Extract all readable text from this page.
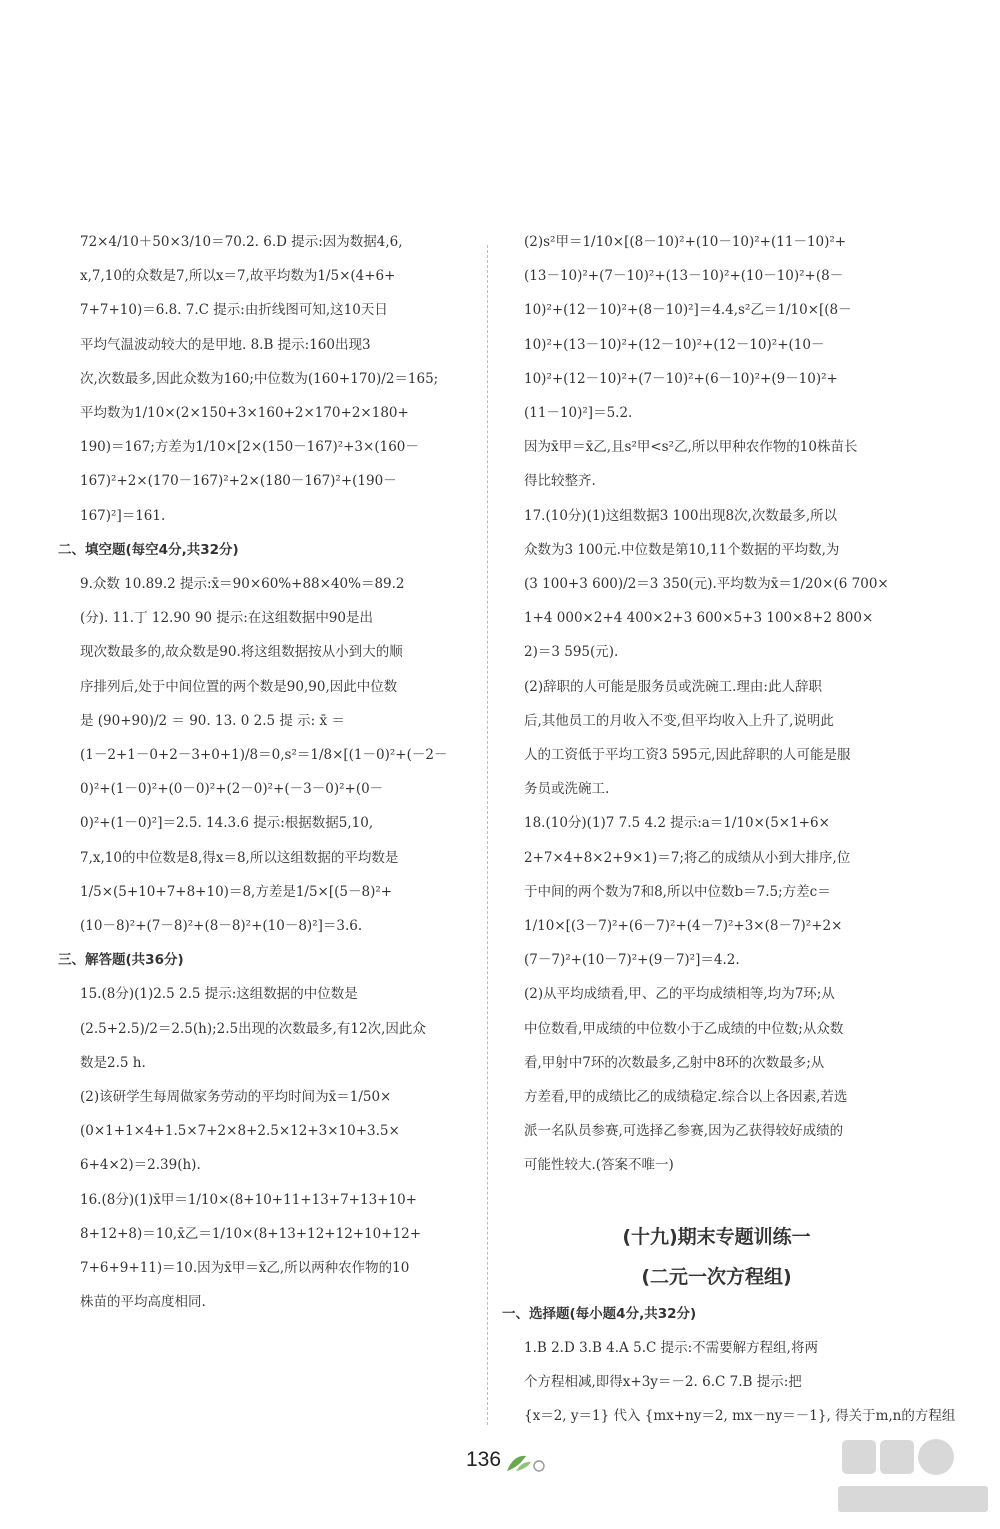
72×4/10＋50×3/10＝70.2. 6.D 提示:因为数据4,6,
x,7,10的众数是7,所以x＝7,故平均数为1/5×(4+6+
7+7+10)＝6.8. 7.C 提示:由折线图可知,这10天日
平均气温波动较大的是甲地. 8.B 提示:160出现3
次,次数最多,因此众数为160;中位数为(160+170)/2＝165;
平均数为1/10×(2×150+3×160+2×170+2×180+
190)＝167;方差为1/10×[2×(150－167)²+3×(160－
167)²+2×(170－167)²+2×(180－167)²+(190－
167)²]＝161.
二、填空题(每空4分,共32分)
9.众数 10.89.2 提示:x̄＝90×60%+88×40%＝89.2
(分). 11.丁 12.90 90 提示:在这组数据中90是出
现次数最多的,故众数是90.将这组数据按从小到大的顺
序排列后,处于中间位置的两个数是90,90,因此中位数
是 (90+90)/2 ＝ 90. 13. 0 2.5 提 示: x̄ ＝
(1－2+1－0+2－3+0+1)/8＝0,s²＝1/8×[(1－0)²+(－2－
0)²+(1－0)²+(0－0)²+(2－0)²+(－3－0)²+(0－
0)²+(1－0)²]＝2.5. 14.3.6 提示:根据数据5,10,
7,x,10的中位数是8,得x＝8,所以这组数据的平均数是
1/5×(5+10+7+8+10)＝8,方差是1/5×[(5－8)²+
(10－8)²+(7－8)²+(8－8)²+(10－8)²]＝3.6.
三、解答题(共36分)
15.(8分)(1)2.5 2.5 提示:这组数据的中位数是
(2.5+2.5)/2＝2.5(h);2.5出现的次数最多,有12次,因此众
数是2.5 h.
(2)该研学生每周做家务劳动的平均时间为x̄＝1/50×
(0×1+1×4+1.5×7+2×8+2.5×12+3×10+3.5×
6+4×2)＝2.39(h).
16.(8分)(1)x̄甲＝1/10×(8+10+11+13+7+13+10+
8+12+8)＝10,x̄乙＝1/10×(8+13+12+12+10+12+
7+6+9+11)＝10.因为x̄甲＝x̄乙,所以两种农作物的10
株苗的平均高度相同.
(2)s²甲＝1/10×[(8－10)²+(10－10)²+(11－10)²+
(13－10)²+(7－10)²+(13－10)²+(10－10)²+(8－
10)²+(12－10)²+(8－10)²]＝4.4,s²乙＝1/10×[(8－
10)²+(13－10)²+(12－10)²+(12－10)²+(10－
10)²+(12－10)²+(7－10)²+(6－10)²+(9－10)²+
(11－10)²]＝5.2.
因为x̄甲＝x̄乙,且s²甲<s²乙,所以甲种农作物的10株苗长
得比较整齐.
17.(10分)(1)这组数据3 100出现8次,次数最多,所以
众数为3 100元.中位数是第10,11个数据的平均数,为
(3 100+3 600)/2＝3 350(元).平均数为x̄＝1/20×(6 700×
1+4 000×2+4 400×2+3 600×5+3 100×8+2 800×
2)＝3 595(元).
(2)辞职的人可能是服务员或洗碗工.理由:此人辞职
后,其他员工的月收入不变,但平均收入上升了,说明此
人的工资低于平均工资3 595元,因此辞职的人可能是服
务员或洗碗工.
18.(10分)(1)7 7.5 4.2 提示:a＝1/10×(5×1+6×
2+7×4+8×2+9×1)＝7;将乙的成绩从小到大排序,位
于中间的两个数为7和8,所以中位数b＝7.5;方差c＝
1/10×[(3－7)²+(6－7)²+(4－7)²+3×(8－7)²+2×
(7－7)²+(10－7)²+(9－7)²]＝4.2.
(2)从平均成绩看,甲、乙的平均成绩相等,均为7环;从
中位数看,甲成绩的中位数小于乙成绩的中位数;从众数
看,甲射中7环的次数最多,乙射中8环的次数最多;从
方差看,甲的成绩比乙的成绩稳定.综合以上各因素,若选
派一名队员参赛,可选择乙参赛,因为乙获得较好成绩的
可能性较大.(答案不唯一)
(十九)期末专题训练一
(二元一次方程组)
一、选择题(每小题4分,共32分)
1.B 2.D 3.B 4.A 5.C 提示:不需要解方程组,将两
个方程相减,即得x+3y＝－2. 6.C 7.B 提示:把
{x＝2, y＝1} 代入 {mx+ny＝2, mx－ny＝－1}, 得关于m,n的方程组
136
